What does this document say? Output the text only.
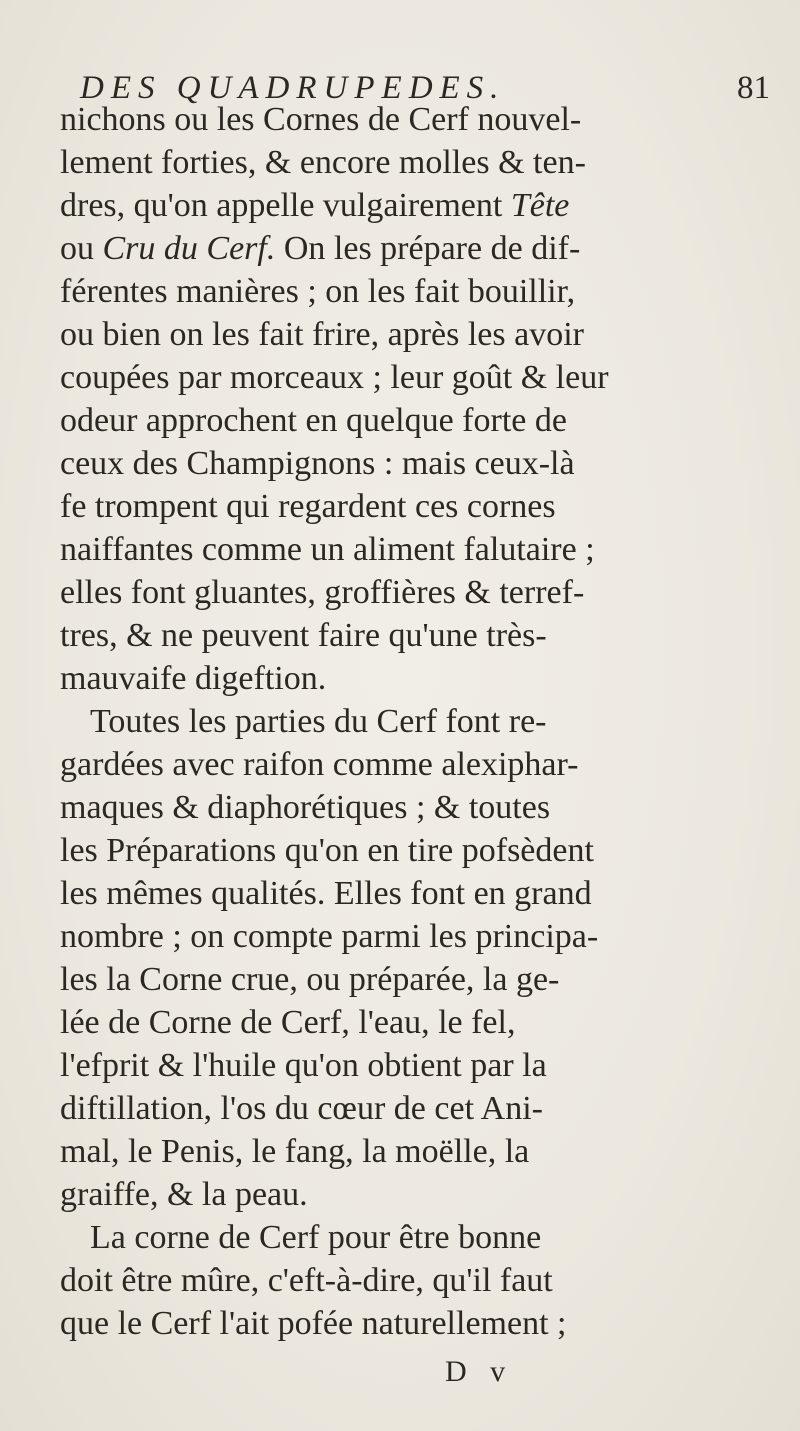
DES QUADRUPEDES.	81
nichons ou les Cornes de Cerf nouvel-
lement forties, & encore molles & ten-
dres, qu'on appelle vulgairement Tête
ou Cru du Cerf. On les prépare de dif-
férentes manières ; on les fait bouillir,
ou bien on les fait frire, après les avoir
coupées par morceaux ; leur goût & leur
odeur approchent en quelque forte de
ceux des Champignons : mais ceux-là
fe trompent qui regardent ces cornes
naiffantes comme un aliment falutaire ;
elles font gluantes, groffières & terref-
tres, & ne peuvent faire qu'une très-
mauvaife digeftion.
Toutes les parties du Cerf font re-
gardées avec raifon comme alexiphar-
maques & diaphorétiques ; & toutes
les Préparations qu'on en tire pofsèdent
les mêmes qualités. Elles font en grand
nombre ; on compte parmi les principa-
les la Corne crue, ou préparée, la ge-
lée de Corne de Cerf, l'eau, le fel,
l'efprit & l'huile qu'on obtient par la
diftillation, l'os du cœur de cet Ani-
mal, le Penis, le fang, la moëlle, la
graiffe, & la peau.
La corne de Cerf pour être bonne
doit être mûre, c'eft-à-dire, qu'il faut
que le Cerf l'ait pofée naturellement ;
D v
